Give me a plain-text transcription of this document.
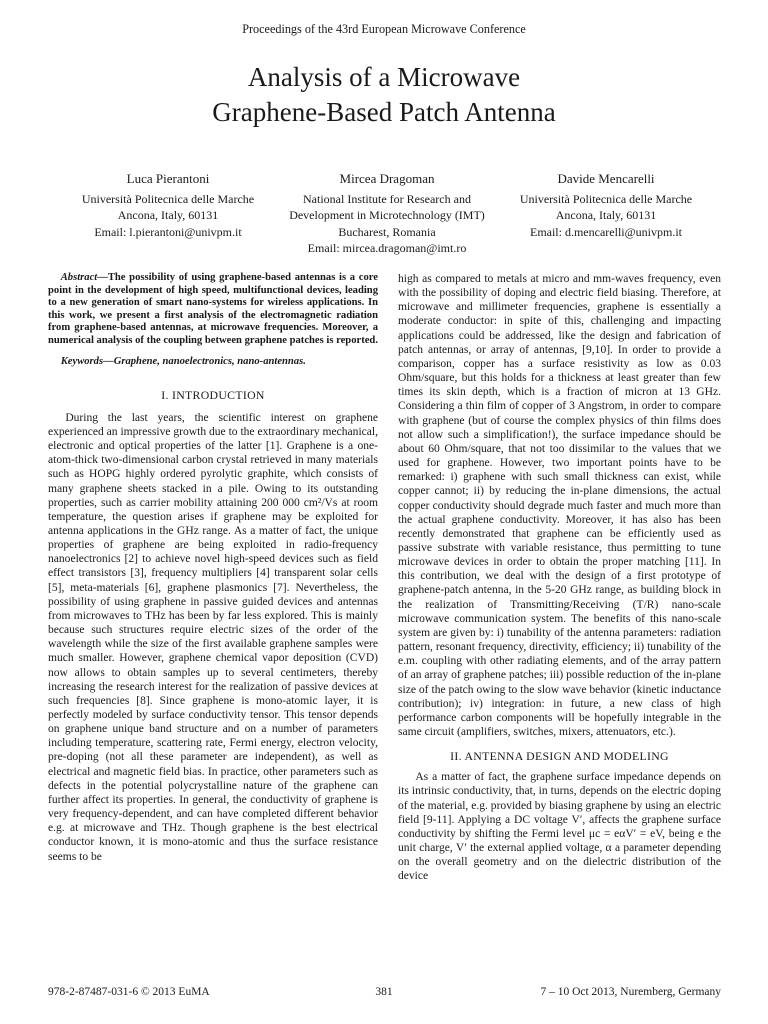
Proceedings of the 43rd European Microwave Conference
Analysis of a Microwave
Graphene-Based Patch Antenna
Luca Pierantoni
Università Politecnica delle Marche
Ancona, Italy, 60131
Email: l.pierantoni@univpm.it
Mircea Dragoman
National Institute for Research and
Development in Microtechnology (IMT)
Bucharest, Romania
Email: mircea.dragoman@imt.ro
Davide Mencarelli
Università Politecnica delle Marche
Ancona, Italy, 60131
Email: d.mencarelli@univpm.it

Abstract—The possibility of using graphene-based antennas is a core point in the development of high speed, multifunctional devices, leading to a new generation of smart nano-systems for wireless applications. In this work, we present a first analysis of the electromagnetic radiation from graphene-based antennas, at microwave frequencies. Moreover, a numerical analysis of the coupling between graphene patches is reported.

Keywords—Graphene, nanoelectronics, nano-antennas.

I. INTRODUCTION

During the last years, the scientific interest on graphene experienced an impressive growth due to the extraordinary mechanical, electronic and optical properties of the latter [1]. Graphene is a one-atom-thick two-dimensional carbon crystal retrieved in many materials such as HOPG highly ordered pyrolytic graphite, which consists of many graphene sheets stacked in a pile. Owing to its outstanding properties, such as carrier mobility attaining 200 000 cm²/Vs at room temperature, the question arises if graphene may be exploited for antenna applications in the GHz range. As a matter of fact, the unique properties of graphene are being exploited in radio-frequency nanoelectronics [2] to achieve novel high-speed devices such as field effect transistors [3], frequency multipliers [4] transparent solar cells [5], meta-materials [6], graphene plasmonics [7]. Nevertheless, the possibility of using graphene in passive guided devices and antennas from microwaves to THz has been by far less explored. This is mainly because such structures require electric sizes of the order of the wavelength while the size of the first available graphene samples were much smaller. However, graphene chemical vapor deposition (CVD) now allows to obtain samples up to several centimeters, thereby increasing the research interest for the realization of passive devices at such frequencies [8]. Since graphene is mono-atomic layer, it is perfectly modeled by surface conductivity tensor. This tensor depends on graphene unique band structure and on a number of parameters including temperature, scattering rate, Fermi energy, electron velocity, pre-doping (not all these parameter are independent), as well as electrical and magnetic field bias. In practice, other parameters such as defects in the potential polycrystalline nature of the graphene can further affect its properties. In general, the conductivity of graphene is very frequency-dependent, and can have completed different behavior e.g. at microwave and THz. Though graphene is the best electrical conductor known, it is mono-atomic and thus the surface resistance seems to be

high as compared to metals at micro and mm-waves frequency, even with the possibility of doping and electric field biasing. Therefore, at microwave and millimeter frequencies, graphene is essentially a moderate conductor: in spite of this, challenging and impacting applications could be addressed, like the design and fabrication of patch antennas, or array of antennas, [9,10]. In order to provide a comparison, copper has a surface resistivity as low as 0.03 Ohm/square, but this holds for a thickness at least greater than few times its skin depth, which is a fraction of micron at 13 GHz. Considering a thin film of copper of 3 Angstrom, in order to compare with graphene (but of course the complex physics of thin films does not allow such a simplification!), the surface impedance should be about 60 Ohm/square, that not too dissimilar to the values that we used for graphene. However, two important points have to be remarked: i) graphene with such small thickness can exist, while copper cannot; ii) by reducing the in-plane dimensions, the actual copper conductivity should degrade much faster and much more than the actual graphene conductivity. Moreover, it has also has been recently demonstrated that graphene can be efficiently used as passive substrate with variable resistance, thus permitting to tune microwave devices in order to obtain the proper matching [11]. In this contribution, we deal with the design of a first prototype of graphene-patch antenna, in the 5-20 GHz range, as building block in the realization of Transmitting/Receiving (T/R) nano-scale microwave communication system. The benefits of this nano-scale system are given by: i) tunability of the antenna parameters: radiation pattern, resonant frequency, directivity, efficiency; ii) tunability of the e.m. coupling with other radiating elements, and of the array pattern of an array of graphene patches; iii) possible reduction of the in-plane size of the patch owing to the slow wave behavior (kinetic inductance contribution); iv) integration: in future, a new class of high performance carbon components will be hopefully integrable in the same circuit (amplifiers, switches, mixers, attenuators, etc.).

II. ANTENNA DESIGN AND MODELING

As a matter of fact, the graphene surface impedance depends on its intrinsic conductivity, that, in turns, depends on the electric doping of the material, e.g. provided by biasing graphene by using an electric field [9-11]. Applying a DC voltage V′, affects the graphene surface conductivity by shifting the Fermi level μc = eαV′ = eV, being e the unit charge, V′ the external applied voltage, α a parameter depending on the overall geometry and on the dielectric distribution of the device

978-2-87487-031-6 © 2013 EuMA	381	7 – 10 Oct 2013, Nuremberg, Germany
